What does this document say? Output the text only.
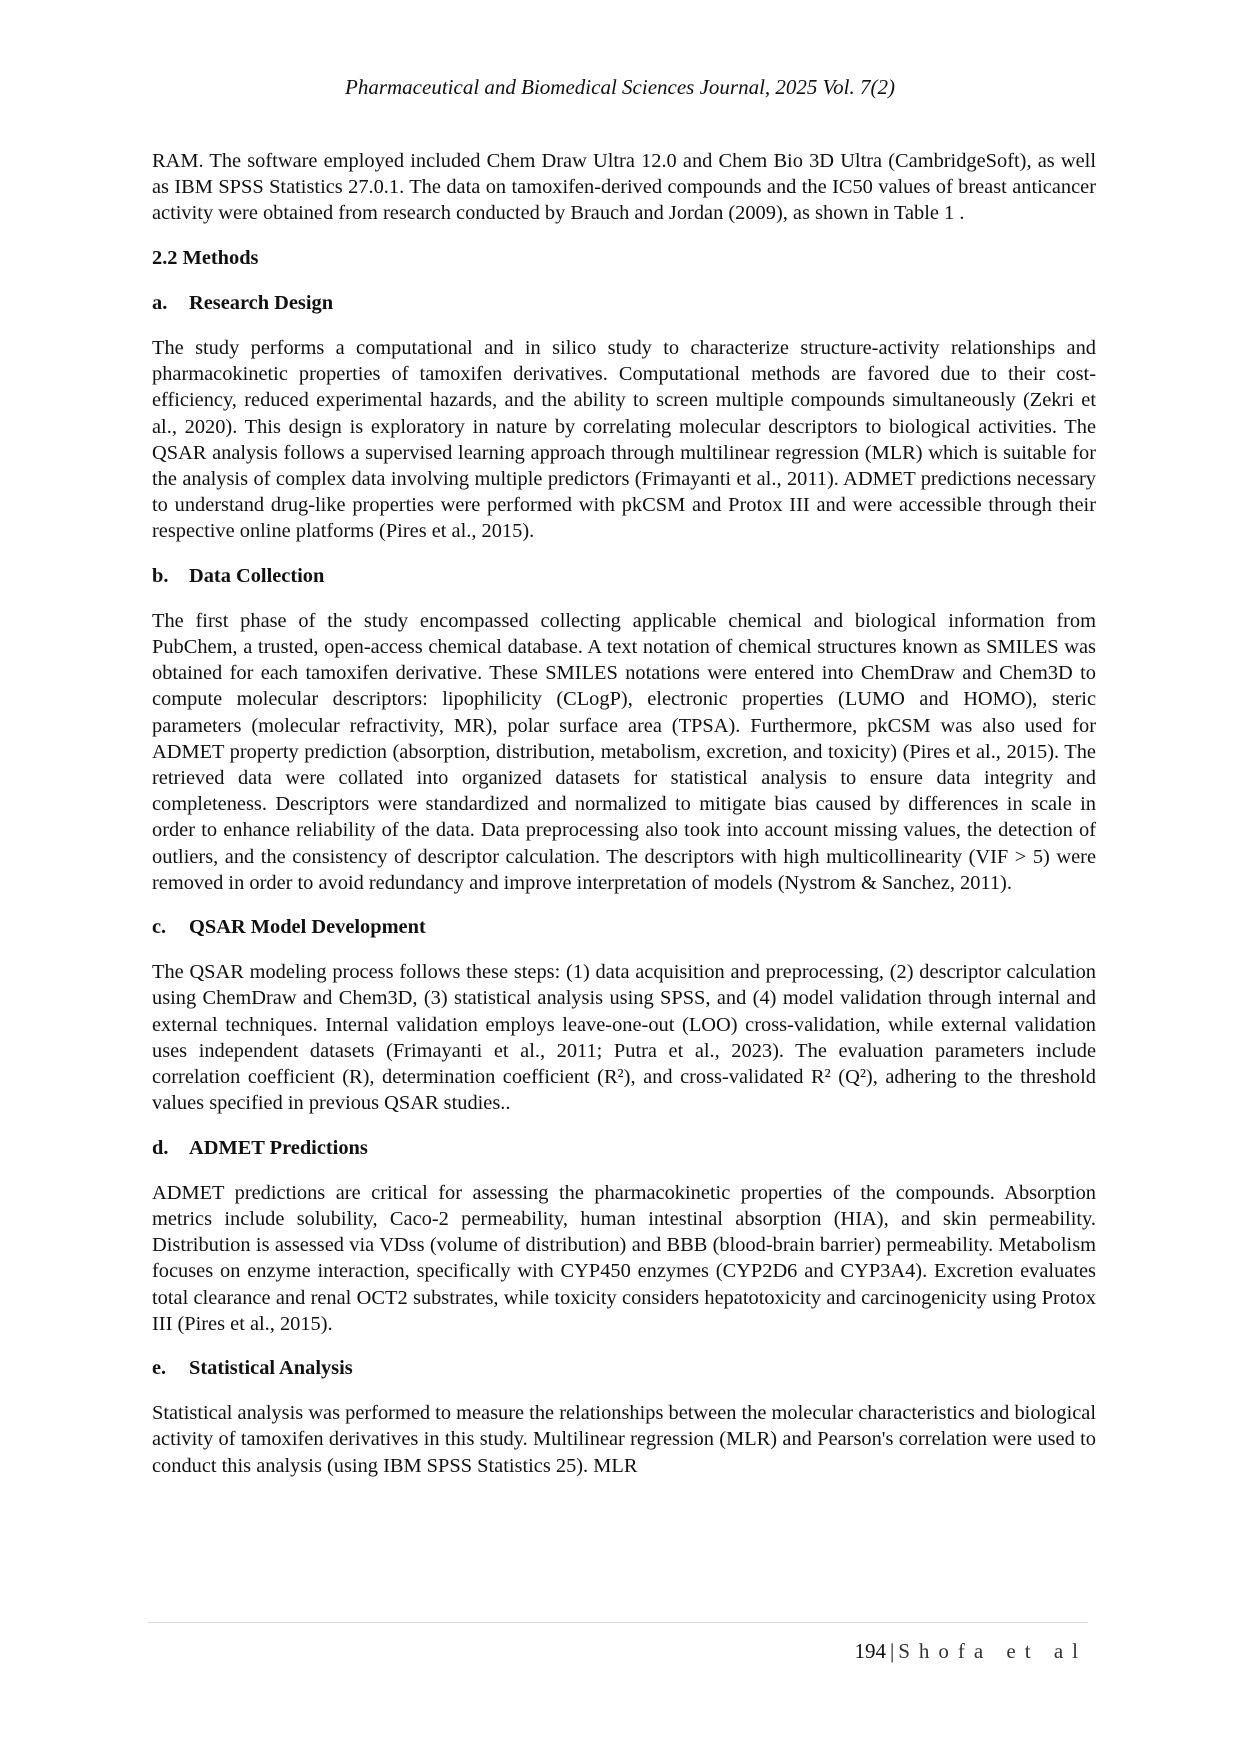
Pharmaceutical and Biomedical Sciences Journal, 2025 Vol. 7(2)

RAM. The software employed included Chem Draw Ultra 12.0 and Chem Bio 3D Ultra (CambridgeSoft), as well as IBM SPSS Statistics 27.0.1. The data on tamoxifen-derived compounds and the IC50 values of breast anticancer activity were obtained from research conducted by Brauch and Jordan (2009), as shown in Table 1 .

2.2 Methods
a. Research Design

The study performs a computational and in silico study to characterize structure-activity relationships and pharmacokinetic properties of tamoxifen derivatives. Computational methods are favored due to their cost-efficiency, reduced experimental hazards, and the ability to screen multiple compounds simultaneously (Zekri et al., 2020). This design is exploratory in nature by correlating molecular descriptors to biological activities. The QSAR analysis follows a supervised learning approach through multilinear regression (MLR) which is suitable for the analysis of complex data involving multiple predictors (Frimayanti et al., 2011). ADMET predictions necessary to understand drug-like properties were performed with pkCSM and Protox III and were accessible through their respective online platforms (Pires et al., 2015).

b. Data Collection

The first phase of the study encompassed collecting applicable chemical and biological information from PubChem, a trusted, open-access chemical database. A text notation of chemical structures known as SMILES was obtained for each tamoxifen derivative. These SMILES notations were entered into ChemDraw and Chem3D to compute molecular descriptors: lipophilicity (CLogP), electronic properties (LUMO and HOMO), steric parameters (molecular refractivity, MR), polar surface area (TPSA). Furthermore, pkCSM was also used for ADMET property prediction (absorption, distribution, metabolism, excretion, and toxicity) (Pires et al., 2015). The retrieved data were collated into organized datasets for statistical analysis to ensure data integrity and completeness. Descriptors were standardized and normalized to mitigate bias caused by differences in scale in order to enhance reliability of the data. Data preprocessing also took into account missing values, the detection of outliers, and the consistency of descriptor calculation. The descriptors with high multicollinearity (VIF > 5) were removed in order to avoid redundancy and improve interpretation of models (Nystrom & Sanchez, 2011).

c. QSAR Model Development

The QSAR modeling process follows these steps: (1) data acquisition and preprocessing, (2) descriptor calculation using ChemDraw and Chem3D, (3) statistical analysis using SPSS, and (4) model validation through internal and external techniques. Internal validation employs leave-one-out (LOO) cross-validation, while external validation uses independent datasets (Frimayanti et al., 2011; Putra et al., 2023). The evaluation parameters include correlation coefficient (R), determination coefficient (R²), and cross-validated R² (Q²), adhering to the threshold values specified in previous QSAR studies..

d. ADMET Predictions

ADMET predictions are critical for assessing the pharmacokinetic properties of the compounds. Absorption metrics include solubility, Caco-2 permeability, human intestinal absorption (HIA), and skin permeability. Distribution is assessed via VDss (volume of distribution) and BBB (blood-brain barrier) permeability. Metabolism focuses on enzyme interaction, specifically with CYP450 enzymes (CYP2D6 and CYP3A4). Excretion evaluates total clearance and renal OCT2 substrates, while toxicity considers hepatotoxicity and carcinogenicity using Protox III (Pires et al., 2015).

e. Statistical Analysis

Statistical analysis was performed to measure the relationships between the molecular characteristics and biological activity of tamoxifen derivatives in this study. Multilinear regression (MLR) and Pearson's correlation were used to conduct this analysis (using IBM SPSS Statistics 25). MLR

194 | Shofa et al
